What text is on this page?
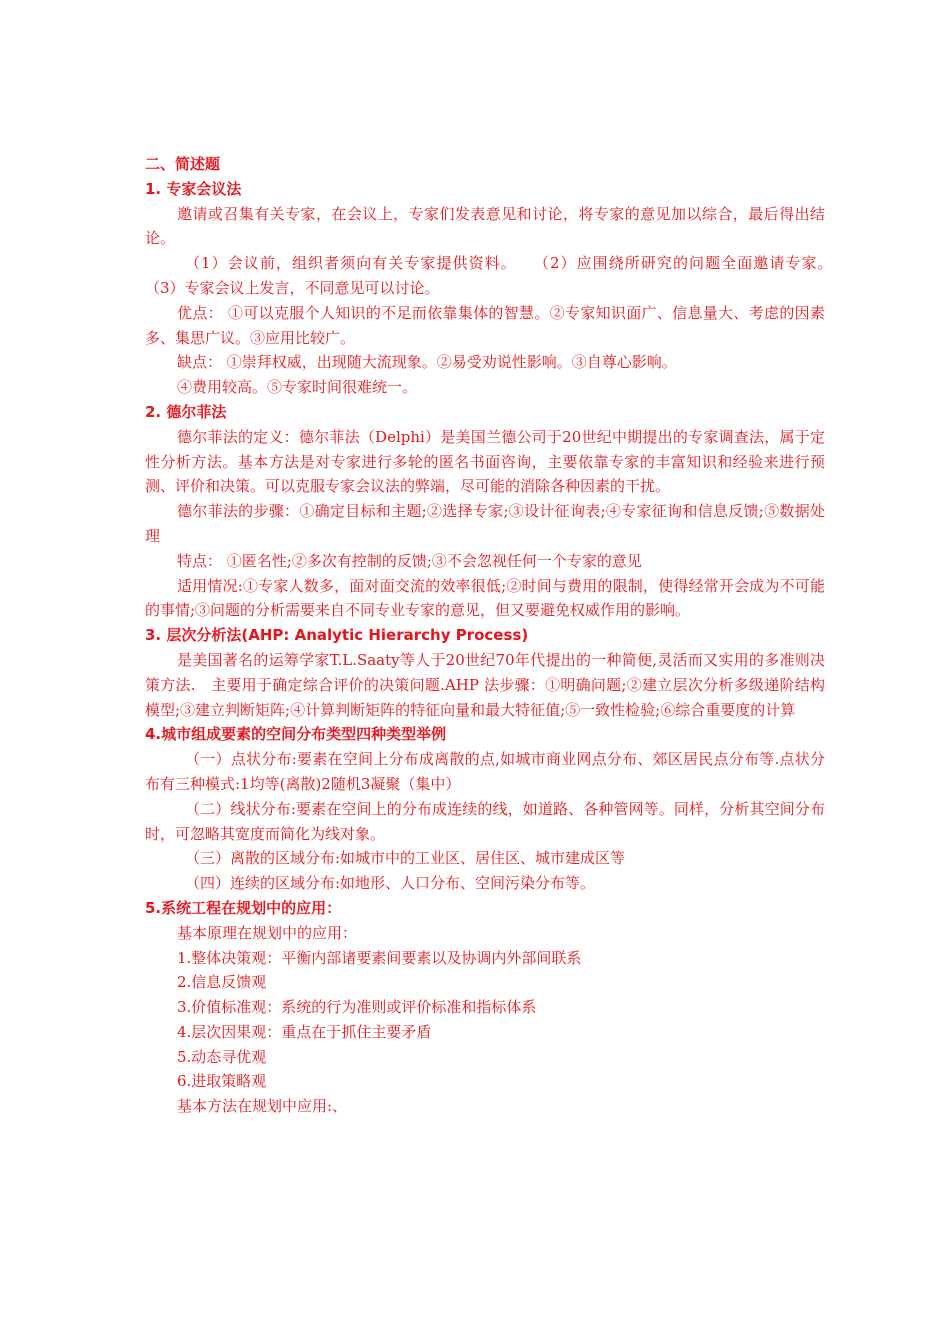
二、简述题

1. 专家会议法

邀请或召集有关专家，在会议上，专家们发表意见和讨论，将专家的意见加以综合，最后得出结论。

（1）会议前，组织者须向有关专家提供资料。　　（2）应围绕所研究的问题全面邀请专家。　　（3）专家会议上发言，不同意见可以讨论。

优点： ①可以克服个人知识的不足而依靠集体的智慧。②专家知识面广、信息量大、考虑的因素多、集思广议。③应用比较广。

缺点： ①崇拜权威，出现随大流现象。②易受劝说性影响。③自尊心影响。

④费用较高。⑤专家时间很难统一。

2. 德尔菲法

德尔菲法的定义：德尔菲法（Delphi）是美国兰德公司于20世纪中期提出的专家调查法，属于定性分析方法。基本方法是对专家进行多轮的匿名书面咨询，主要依靠专家的丰富知识和经验来进行预测、评价和决策。可以克服专家会议法的弊端，尽可能的消除各种因素的干扰。

德尔菲法的步骤：①确定目标和主题;②选择专家;③设计征询表;④专家征询和信息反馈;⑤数据处理

特点： ①匿名性;②多次有控制的反馈;③不会忽视任何一个专家的意见

适用情况:①专家人数多，面对面交流的效率很低;②时间与费用的限制，使得经常开会成为不可能的事情;③问题的分析需要来自不同专业专家的意见，但又要避免权威作用的影响。

3. 层次分析法(AHP: Analytic Hierarchy Process)

是美国著名的运筹学家T.L.Saaty等人于20世纪70年代提出的一种简便,灵活而又实用的多准则决策方法.　主要用于确定综合评价的决策问题.AHP 法步骤：①明确问题;②建立层次分析多级递阶结构模型;③建立判断矩阵;④计算判断矩阵的特征向量和最大特征值;⑤一致性检验;⑥综合重要度的计算

4.城市组成要素的空间分布类型四种类型举例

（一）点状分布:要素在空间上分布成离散的点,如城市商业网点分布、郊区居民点分布等.点状分布有三种模式:1均等(离散)2随机3凝聚（集中）

（二）线状分布:要素在空间上的分布成连续的线，如道路、各种管网等。同样，分析其空间分布时，可忽略其宽度而简化为线对象。

（三）离散的区域分布:如城市中的工业区、居住区、城市建成区等

（四）连续的区域分布:如地形、人口分布、空间污染分布等。

5.系统工程在规划中的应用：

基本原理在规划中的应用：

1.整体决策观：平衡内部诸要素间要素以及协调内外部间联系

2.信息反馈观

3.价值标准观：系统的行为准则或评价标准和指标体系

4.层次因果观：重点在于抓住主要矛盾

5.动态寻优观

6.进取策略观

基本方法在规划中应用:、
